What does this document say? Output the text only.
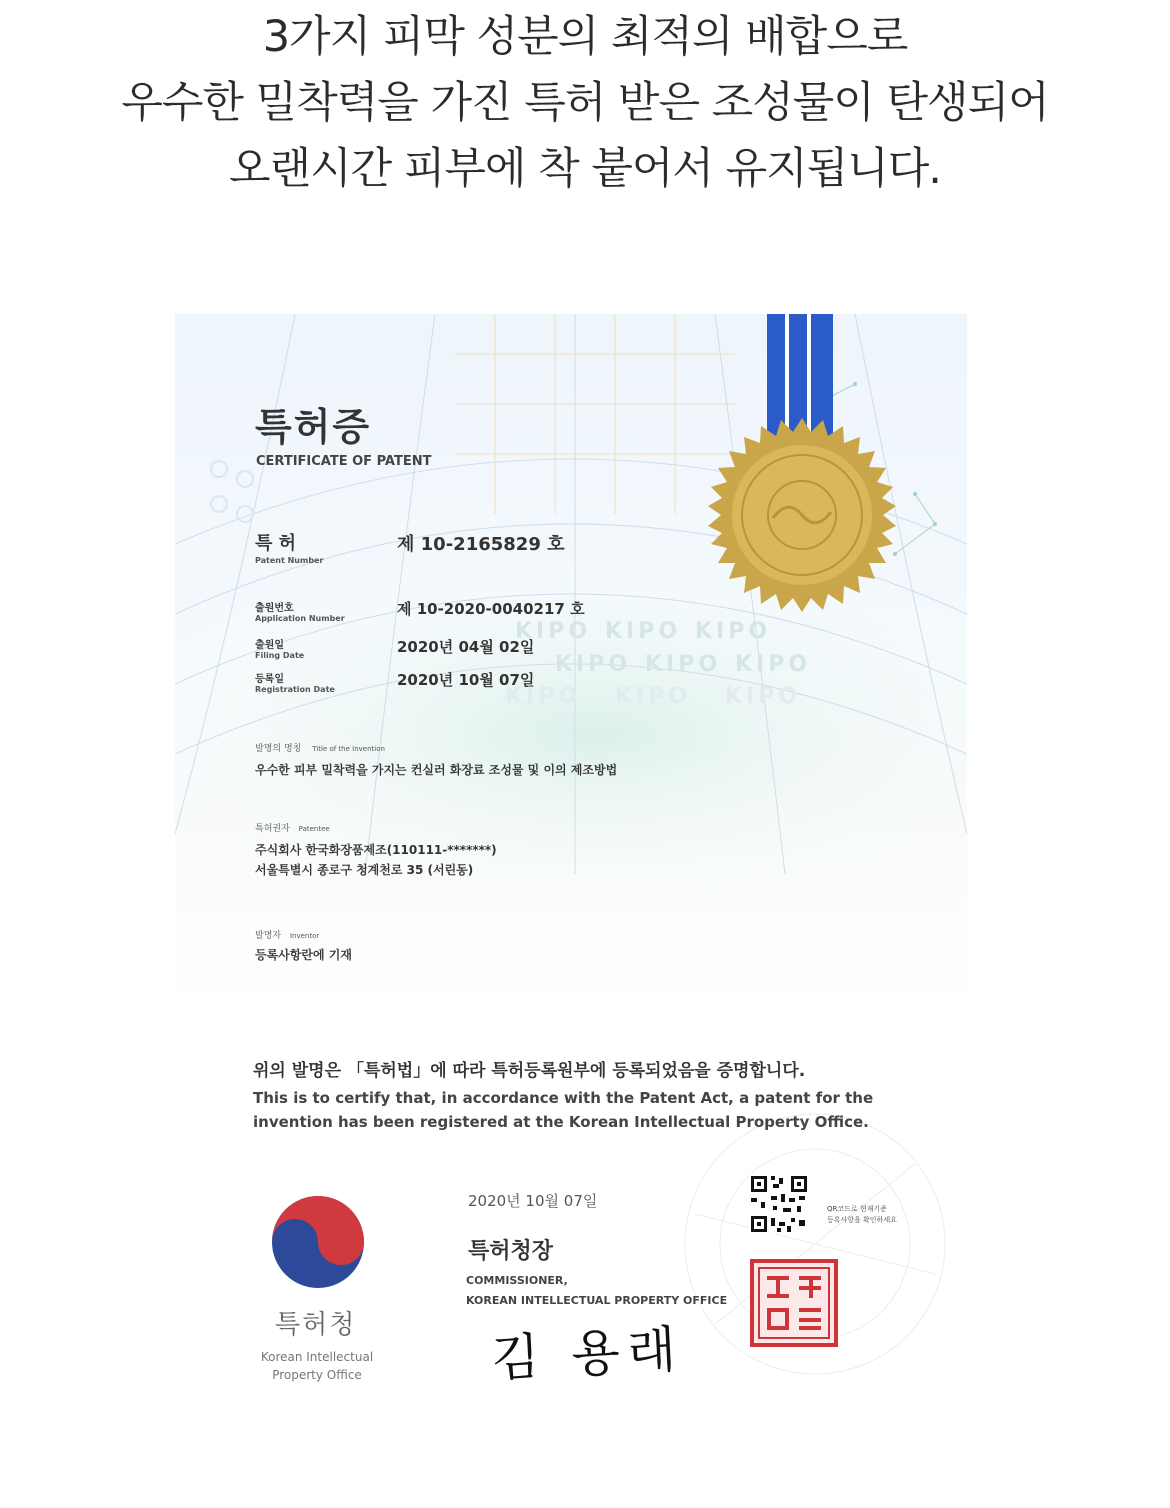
3가지 피막 성분의 최적의 배합으로
우수한 밀착력을 가진 특허 받은 조성물이 탄생되어
오랜시간 피부에 착 붙어서 유지됩니다.
특허증
CERTIFICATE OF PATENT
특 허
Patent Number
제 10-2165829 호
출원번호
Application Number
제 10-2020-0040217 호
출원일
Filing Date	2020년 04월 02일
등록일
Registration Date
2020년 10월 07일
KIPO KIPO KIPO
KIPO KIPO KIPO
KIPO KIPO KIPO
발명의 명칭 Title of the Invention
우수한 피부 밀착력을 가지는 컨실러 화장료 조성물 및 이의 제조방법
특허권자 Patentee
주식회사 한국화장품제조(110111-*******)
서울특별시 종로구 청계천로 35 (서린동)
발명자 Inventor
등록사항란에 기재
위의 발명은 「특허법」에 따라 특허등록원부에 등록되었음을 증명합니다.
This is to certify that, in accordance with the Patent Act, a patent for the
invention has been registered at the Korean Intellectual Property Office.
특허청
Korean Intellectual Property Office
2020년 10월 07일
특허청장
COMMISSIONER,
KOREAN INTELLECTUAL PROPERTY OFFICE
김 용래
QR코드로 현재기준
등록사항을 확인하세요
